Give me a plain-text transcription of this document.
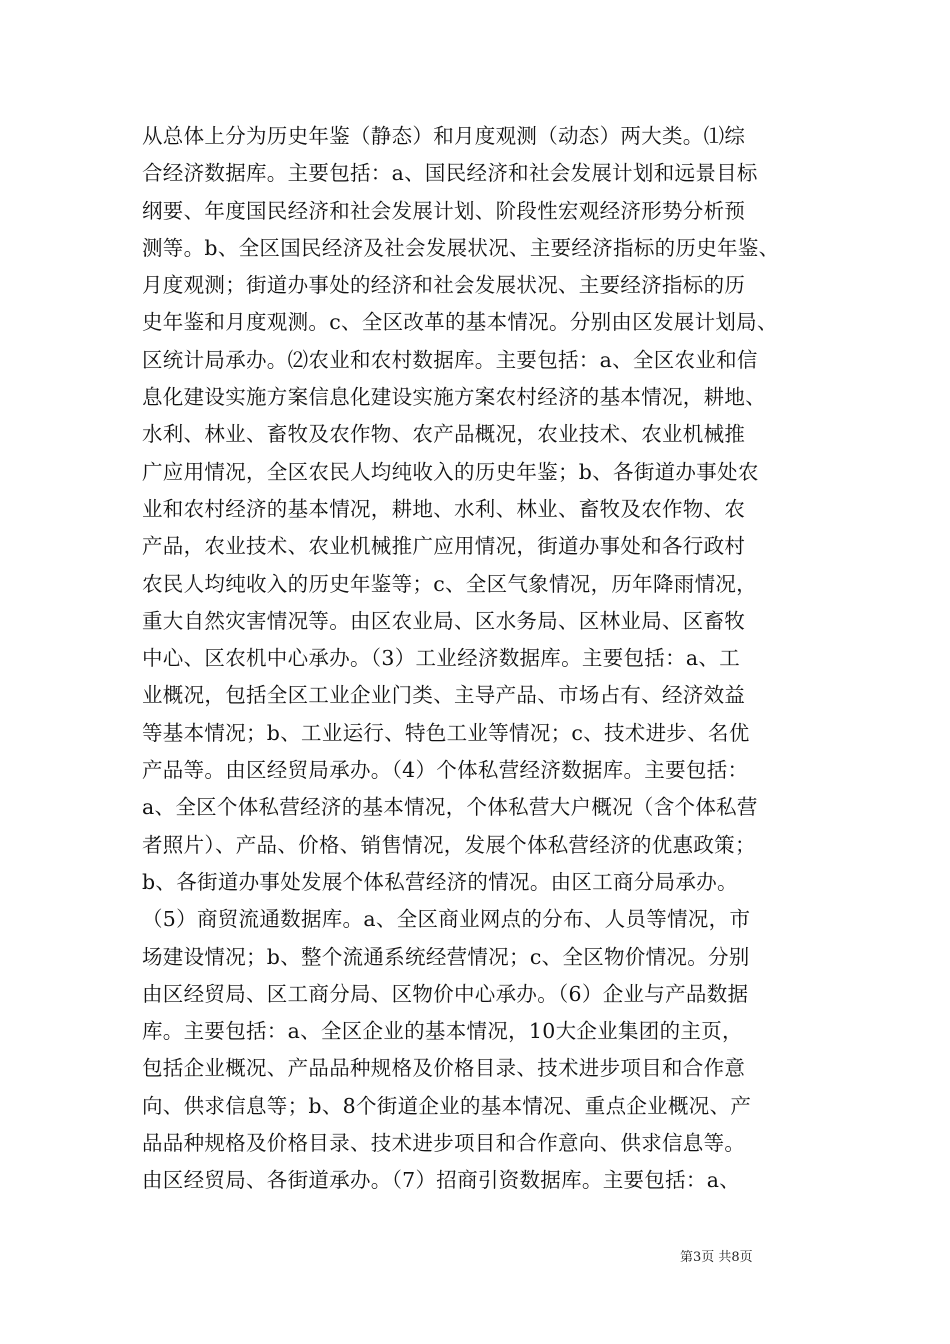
从总体上分为历史年鉴（静态）和月度观测（动态）两大类。⑴综
合经济数据库。主要包括：a、国民经济和社会发展计划和远景目标
纲要、年度国民经济和社会发展计划、阶段性宏观经济形势分析预
测等。b、全区国民经济及社会发展状况、主要经济指标的历史年鉴、
月度观测；街道办事处的经济和社会发展状况、主要经济指标的历
史年鉴和月度观测。c、全区改革的基本情况。分别由区发展计划局、
区统计局承办。⑵农业和农村数据库。主要包括：a、全区农业和信
息化建设实施方案信息化建设实施方案农村经济的基本情况，耕地、
水利、林业、畜牧及农作物、农产品概况，农业技术、农业机械推
广应用情况，全区农民人均纯收入的历史年鉴；b、各街道办事处农
业和农村经济的基本情况，耕地、水利、林业、畜牧及农作物、农
产品，农业技术、农业机械推广应用情况，街道办事处和各行政村
农民人均纯收入的历史年鉴等；c、全区气象情况，历年降雨情况，
重大自然灾害情况等。由区农业局、区水务局、区林业局、区畜牧
中心、区农机中心承办。（3）工业经济数据库。主要包括：a、工
业概况，包括全区工业企业门类、主导产品、市场占有、经济效益
等基本情况；b、工业运行、特色工业等情况；c、技术进步、名优
产品等。由区经贸局承办。（4）个体私营经济数据库。主要包括：
a、全区个体私营经济的基本情况，个体私营大户概况（含个体私营
者照片）、产品、价格、销售情况，发展个体私营经济的优惠政策；
b、各街道办事处发展个体私营经济的情况。由区工商分局承办。
（5）商贸流通数据库。a、全区商业网点的分布、人员等情况，市
场建设情况；b、整个流通系统经营情况；c、全区物价情况。分别
由区经贸局、区工商分局、区物价中心承办。（6）企业与产品数据
库。主要包括：a、全区企业的基本情况，10大企业集团的主页，
包括企业概况、产品品种规格及价格目录、技术进步项目和合作意
向、供求信息等；b、8个街道企业的基本情况、重点企业概况、产
品品种规格及价格目录、技术进步项目和合作意向、供求信息等。
由区经贸局、各街道承办。（7）招商引资数据库。主要包括：a、
第3页 共8页
